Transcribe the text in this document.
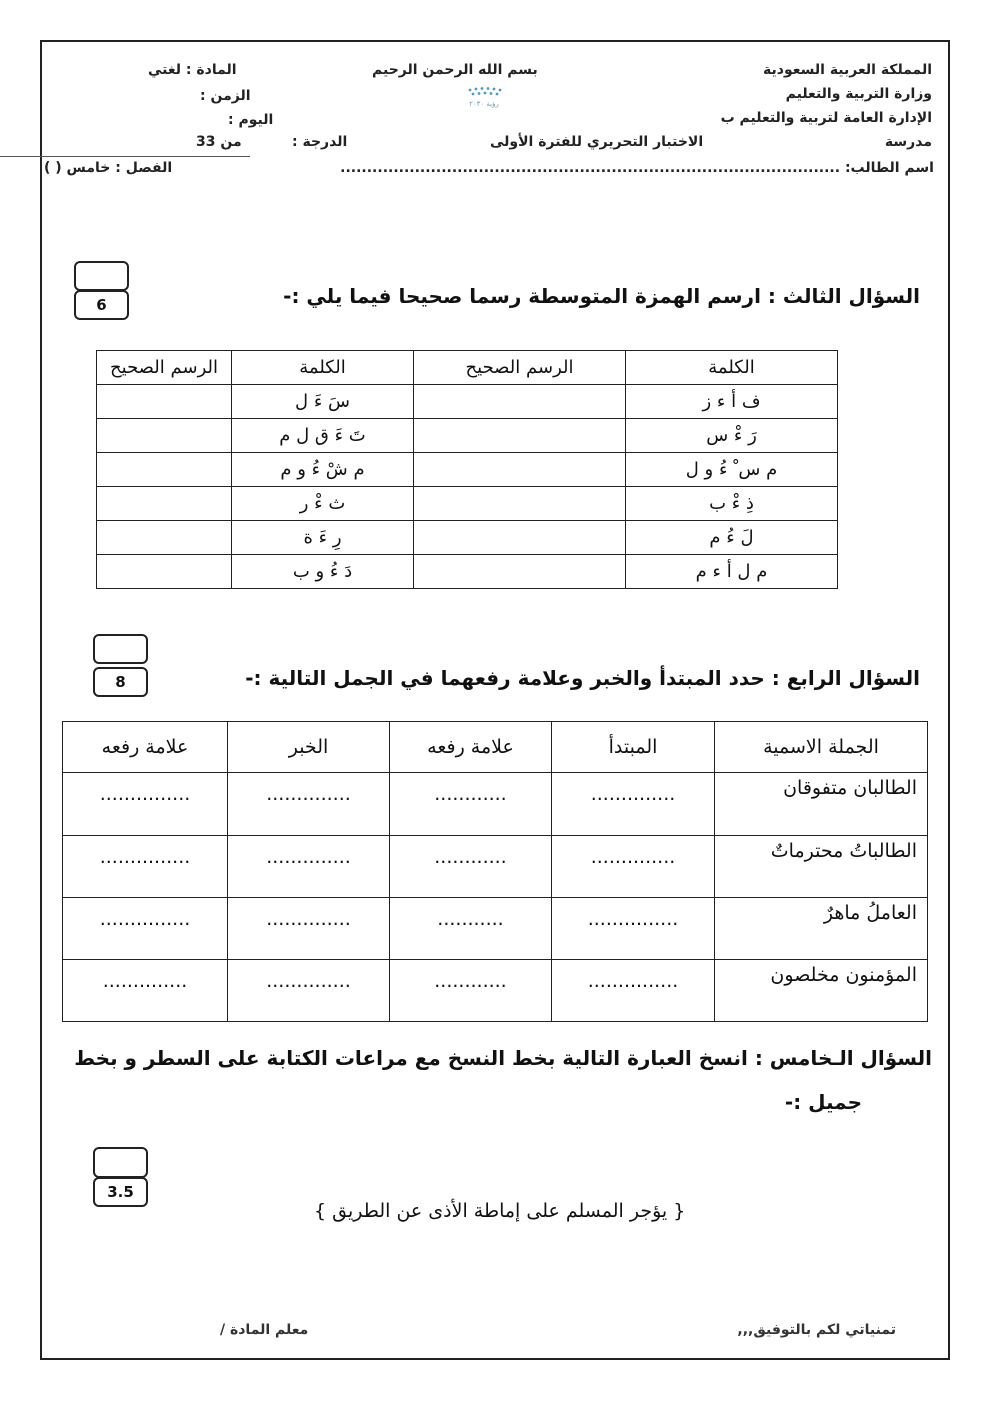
المملكة العربية السعودية
وزارة التربية والتعليم
الإدارة العامة لتربية والتعليم ب
مدرسة
بسم الله الرحمن الرحيم
رؤية ٢٠٣٠
الاختبار التحريري للفترة الأولى
الدرجة :
المادة : لغتي
الزمن :
اليوم :
من 33
اسم الطالب: ..............................................................................................
الفصل : خامس ( )
السؤال الثالث : ارسم الهمزة المتوسطة رسما صحيحا فيما يلي :-
6
الكلمة	الرسم الصحيح	الكلمة	الرسم الصحيح
ف أ ء ز		سَ ءَ ل	
رَ ءْ س		تَ ءَ ق ل م	
م س ْ ءُ و ل		م شْ ءُ و م	
ذِ ءْ ب		ث ءْ ر	
لَ ءُ م		رِ ءَ ة	
م ل أ ء م		دَ ءُ و ب	
السؤال الرابع : حدد المبتدأ والخبر وعلامة رفعهما في الجمل التالية :-
8
الجملة الاسمية	المبتدأ	علامة رفعه	الخبر	علامة رفعه
الطالبان متفوقان	..............	............	..............	...............
الطالباتُ محترماتٌ	..............	............	..............	...............
العاملُ ماهرٌ	...............	...........	..............	...............
المؤمنون مخلصون	...............	............	..............	..............
السؤال الـخامس : انسخ العبارة التالية بخط النسخ مع مراعات الكتابة على السطر و بخط
جميل :-
3.5
{ يؤجر المسلم على إماطة الأذى عن الطريق }
تمنياتي لكم بالتوفيق,,,
معلم المادة /
